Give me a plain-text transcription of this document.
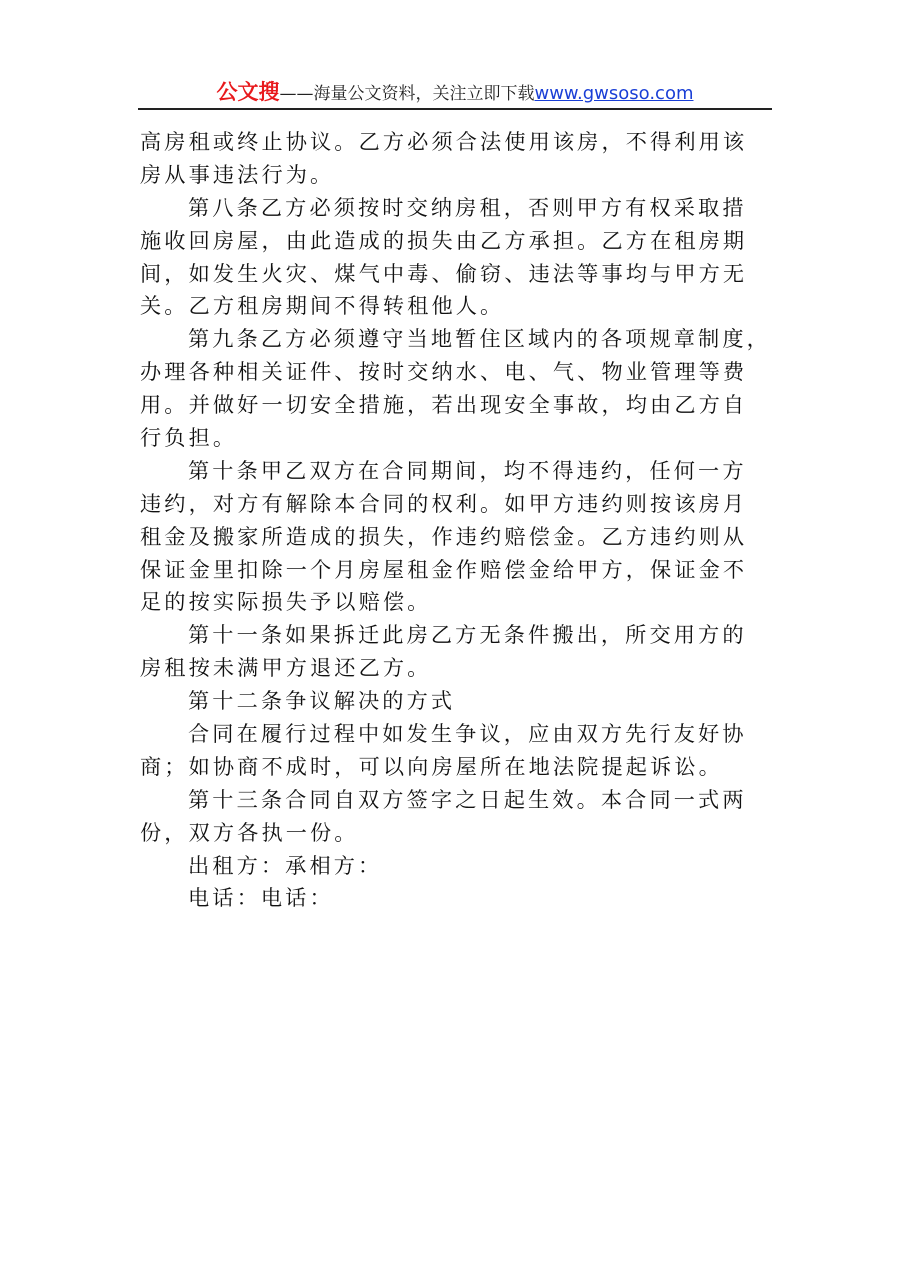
公文搜——海量公文资料，关注立即下载www.gwsoso.com
高房租或终止协议。乙方必须合法使用该房，不得利用该
房从事违法行为。
第八条乙方必须按时交纳房租，否则甲方有权采取措
施收回房屋，由此造成的损失由乙方承担。乙方在租房期
间，如发生火灾、煤气中毒、偷窃、违法等事均与甲方无
关。乙方租房期间不得转租他人。
第九条乙方必须遵守当地暂住区域内的各项规章制度，
办理各种相关证件、按时交纳水、电、气、物业管理等费
用。并做好一切安全措施，若出现安全事故，均由乙方自
行负担。
第十条甲乙双方在合同期间，均不得违约，任何一方
违约，对方有解除本合同的权利。如甲方违约则按该房月
租金及搬家所造成的损失，作违约赔偿金。乙方违约则从
保证金里扣除一个月房屋租金作赔偿金给甲方，保证金不
足的按实际损失予以赔偿。
第十一条如果拆迁此房乙方无条件搬出，所交用方的
房租按未满甲方退还乙方。
第十二条争议解决的方式
合同在履行过程中如发生争议，应由双方先行友好协
商；如协商不成时，可以向房屋所在地法院提起诉讼。
第十三条合同自双方签字之日起生效。本合同一式两
份，双方各执一份。
出租方：承相方：
电话：电话：
